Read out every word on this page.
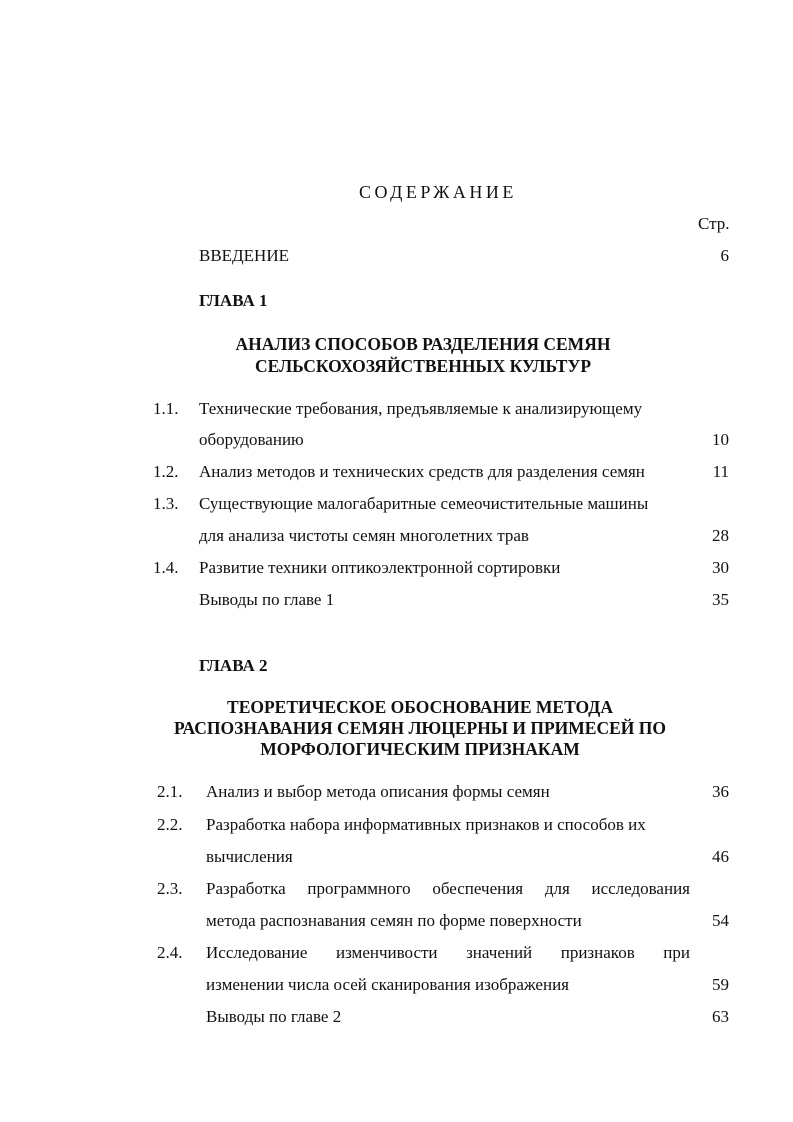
СОДЕРЖАНИЕ
Стр.
ВВЕДЕНИЕ	6
ГЛАВА 1
АНАЛИЗ СПОСОБОВ РАЗДЕЛЕНИЯ СЕМЯН
СЕЛЬСКОХОЗЯЙСТВЕННЫХ КУЛЬТУР
1.1. Технические требования, предъявляемые к анализирующему
оборудованию	10
1.2. Анализ методов и технических средств для разделения семян	11
1.3. Существующие малогабаритные семеочистительные машины
для анализа чистоты семян многолетних трав	28
1.4. Развитие техники оптикоэлектронной сортировки	30
Выводы по главе 1	35
ГЛАВА 2
ТЕОРЕТИЧЕСКОЕ ОБОСНОВАНИЕ МЕТОДА
РАСПОЗНАВАНИЯ СЕМЯН ЛЮЦЕРНЫ И ПРИМЕСЕЙ ПО
МОРФОЛОГИЧЕСКИМ ПРИЗНАКАМ
2.1. Анализ и выбор метода описания формы семян	36
2.2. Разработка набора информативных признаков и способов их
вычисления	46
2.3. Разработка программного обеспечения для исследования
метода распознавания семян по форме поверхности	54
2.4. Исследование изменчивости значений признаков при
изменении числа осей сканирования изображения	59
Выводы по главе 2	63
